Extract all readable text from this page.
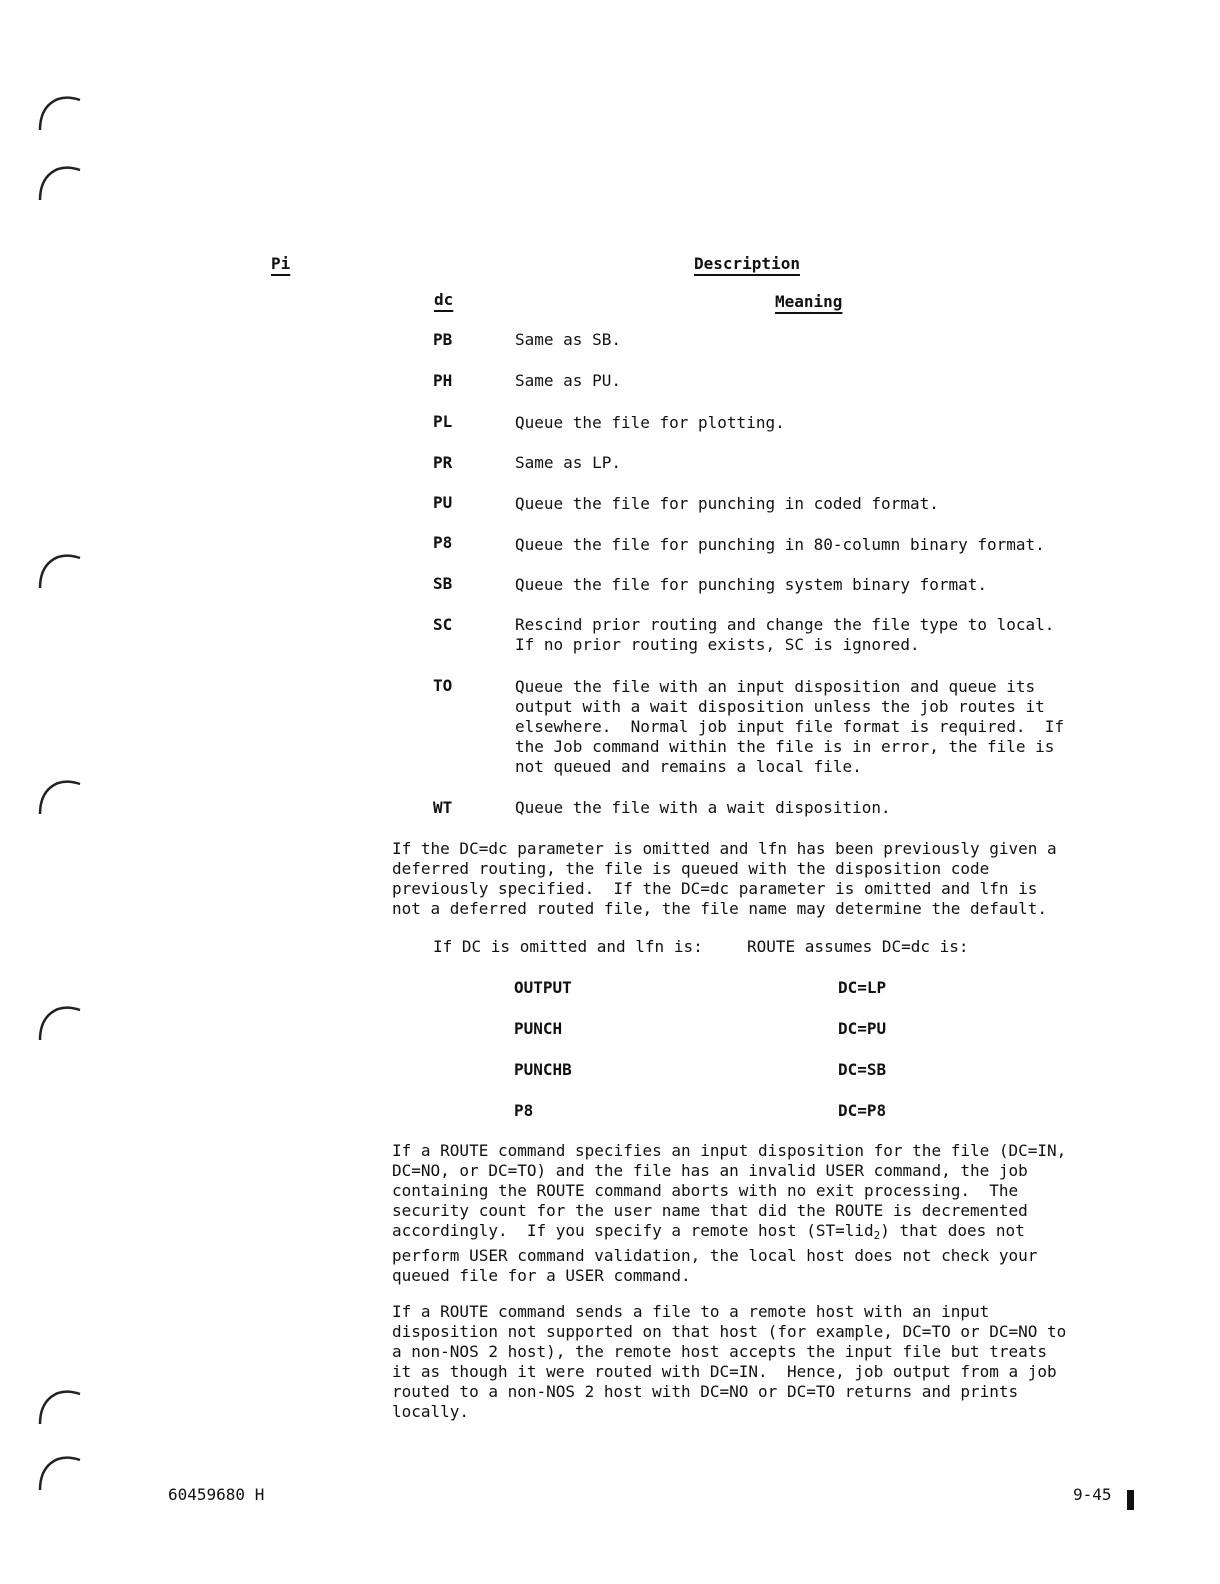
Pi	Description
dc	Meaning
PB	Same as SB.
PH	Same as PU.
PL	Queue the file for plotting.
PR	Same as LP.
PU	Queue the file for punching in coded format.
P8	Queue the file for punching in 80-column binary format.
SB	Queue the file for punching system binary format.
SC	Rescind prior routing and change the file type to local.
If no prior routing exists, SC is ignored.
TO	Queue the file with an input disposition and queue its
output with a wait disposition unless the job routes it
elsewhere.  Normal job input file format is required.  If
the Job command within the file is in error, the file is
not queued and remains a local file.
WT	Queue the file with a wait disposition.
If the DC=dc parameter is omitted and lfn has been previously given a
deferred routing, the file is queued with the disposition code
previously specified.  If the DC=dc parameter is omitted and lfn is
not a deferred routed file, the file name may determine the default.
If DC is omitted and lfn is:	ROUTE assumes DC=dc is:
OUTPUT	DC=LP
PUNCH	DC=PU
PUNCHB	DC=SB
P8	DC=P8
If a ROUTE command specifies an input disposition for the file (DC=IN,
DC=NO, or DC=TO) and the file has an invalid USER command, the job
containing the ROUTE command aborts with no exit processing.  The
security count for the user name that did the ROUTE is decremented
accordingly.  If you specify a remote host (ST=lid$_2$) that does not
perform USER command validation, the local host does not check your
queued file for a USER command.
If a ROUTE command sends a file to a remote host with an input
disposition not supported on that host (for example, DC=TO or DC=NO to
a non-NOS 2 host), the remote host accepts the input file but treats
it as though it were routed with DC=IN.  Hence, job output from a job
routed to a non-NOS 2 host with DC=NO or DC=TO returns and prints
locally.
60459680 H	9-45
